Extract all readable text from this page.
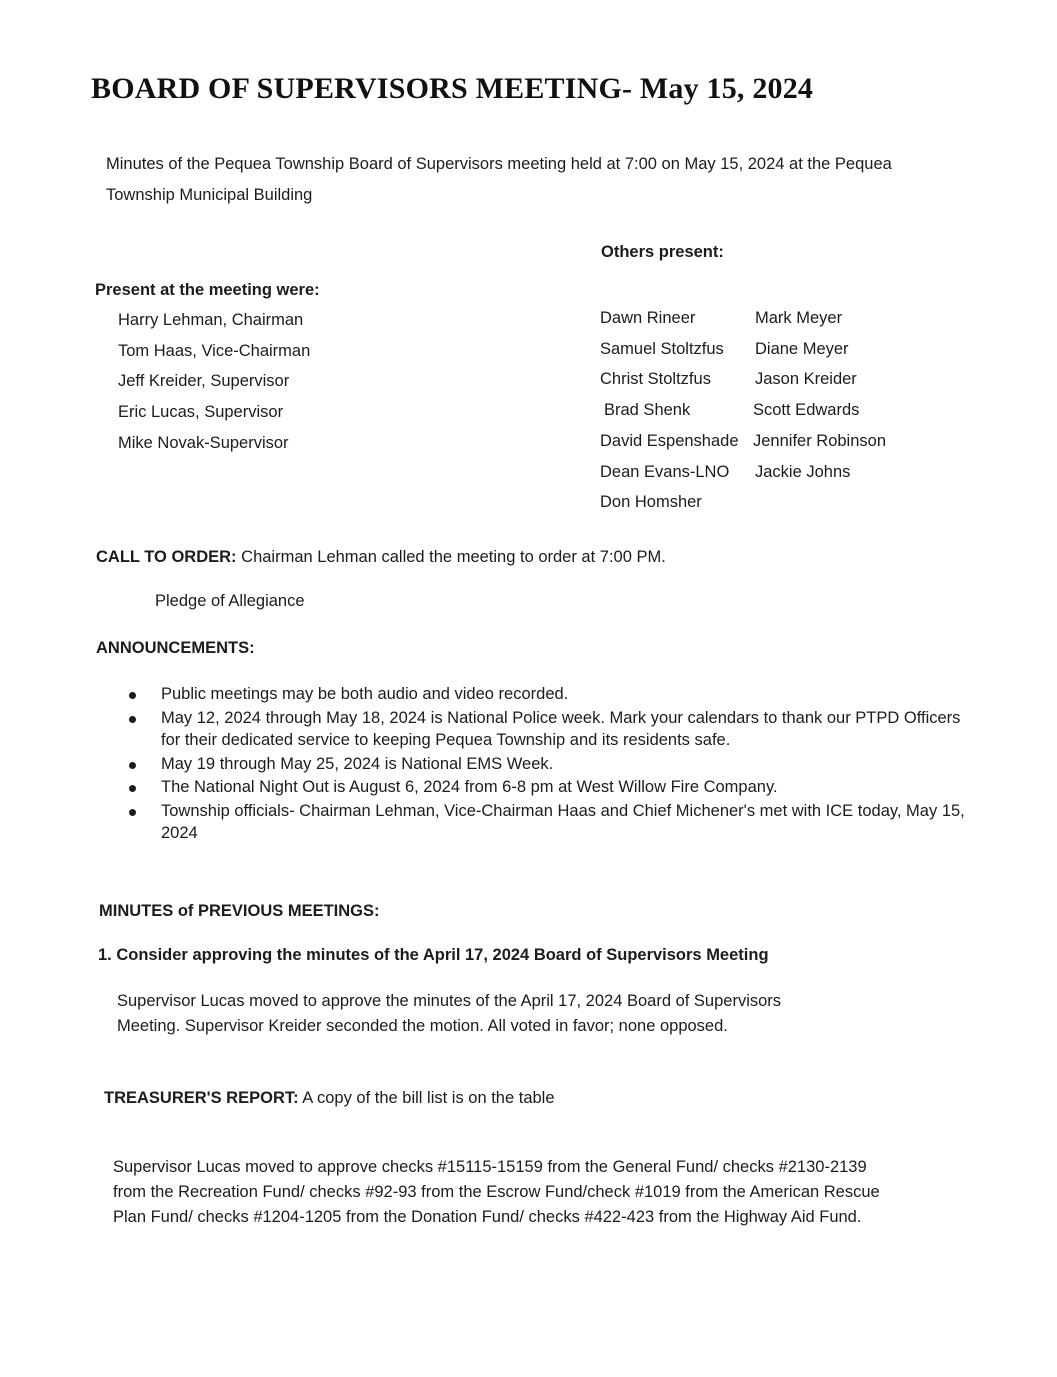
BOARD OF SUPERVISORS MEETING- May 15, 2024
Minutes of the Pequea Township Board of Supervisors meeting held at 7:00 on May 15, 2024 at the Pequea
Township Municipal Building
Others present:
Present at the meeting were:
Harry Lehman, Chairman
Tom Haas, Vice-Chairman
Jeff Kreider, Supervisor
Eric Lucas, Supervisor
Mike Novak-Supervisor
Dawn Rineer
Samuel Stoltzfus
Christ Stoltzfus
Brad Shenk
David Espenshade
Dean Evans-LNO
Don Homsher
Mark Meyer
Diane Meyer
Jason Kreider
Scott Edwards
Jennifer Robinson
Jackie Johns
CALL TO ORDER: Chairman Lehman called the meeting to order at 7:00 PM.
Pledge of Allegiance
ANNOUNCEMENTS:
Public meetings may be both audio and video recorded.
May 12, 2024 through May 18, 2024 is National Police week. Mark your calendars to thank our PTPD Officers for their dedicated service to keeping Pequea Township and its residents safe.
May 19 through May 25, 2024 is National EMS Week.
The National Night Out is August 6, 2024 from 6-8 pm at West Willow Fire Company.
Township officials- Chairman Lehman, Vice-Chairman Haas and Chief Michener's met with ICE today, May 15, 2024
MINUTES of PREVIOUS MEETINGS:
1. Consider approving the minutes of the April 17, 2024 Board of Supervisors Meeting
Supervisor Lucas moved to approve the minutes of the April 17, 2024 Board of Supervisors
Meeting. Supervisor Kreider seconded the motion. All voted in favor; none opposed.
TREASURER'S REPORT: A copy of the bill list is on the table
Supervisor Lucas moved to approve checks #15115-15159 from the General Fund/ checks #2130-2139
from the Recreation Fund/ checks #92-93 from the Escrow Fund/check #1019 from the American Rescue
Plan Fund/ checks #1204-1205 from the Donation Fund/ checks #422-423 from the Highway Aid Fund.
